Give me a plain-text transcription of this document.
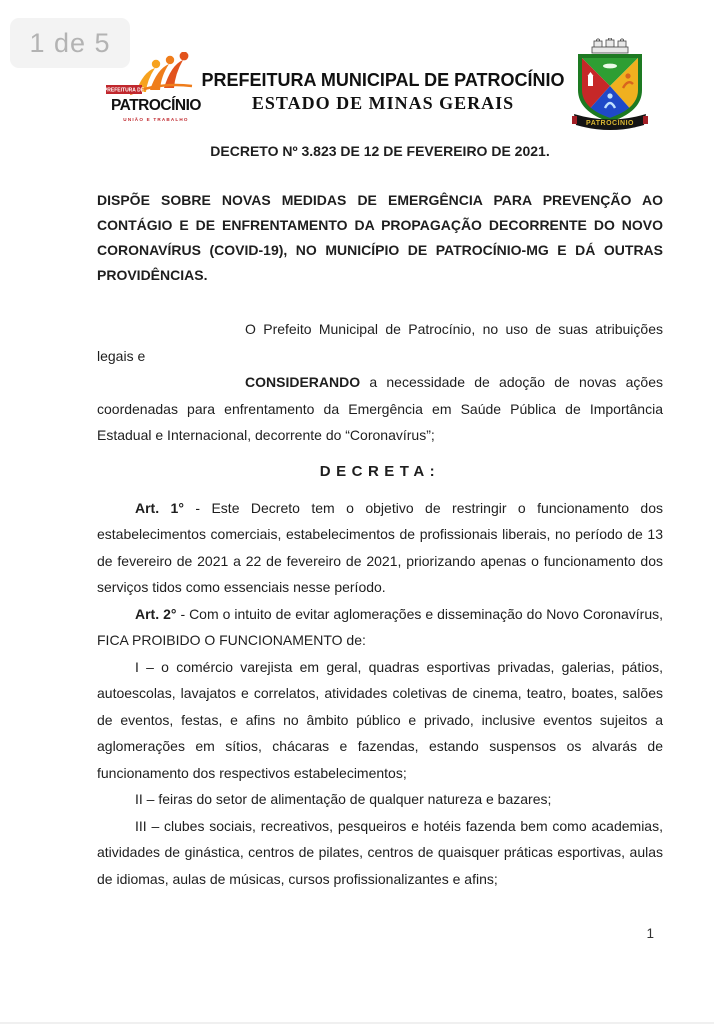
1 de 5
PREFEITURA DE
PATROCÍNIO
UNIÃO E TRABALHO
PREFEITURA MUNICIPAL DE PATROCÍNIO
ESTADO DE MINAS GERAIS
PATROCÍNIO

DECRETO Nº 3.823 DE 12 DE FEVEREIRO DE 2021.

DISPÕE SOBRE NOVAS MEDIDAS DE EMERGÊNCIA PARA PREVENÇÃO AO CONTÁGIO E DE ENFRENTAMENTO DA PROPAGAÇÃO DECORRENTE DO NOVO CORONAVÍRUS (COVID-19), NO MUNICÍPIO DE PATROCÍNIO-MG E DÁ OUTRAS PROVIDÊNCIAS.

O Prefeito Municipal de Patrocínio, no uso de suas atribuições legais e

CONSIDERANDO a necessidade de adoção de novas ações coordenadas para enfrentamento da Emergência em Saúde Pública de Importância Estadual e Internacional, decorrente do “Coronavírus”;

DECRETA:

Art. 1° - Este Decreto tem o objetivo de restringir o funcionamento dos estabelecimentos comerciais, estabelecimentos de profissionais liberais, no período de 13 de fevereiro de 2021 a 22 de fevereiro de 2021, priorizando apenas o funcionamento dos serviços tidos como essenciais nesse período.

Art. 2° - Com o intuito de evitar aglomerações e disseminação do Novo Coronavírus, FICA PROIBIDO O FUNCIONAMENTO de:

I – o comércio varejista em geral, quadras esportivas privadas, galerias, pátios, autoescolas, lavajatos e correlatos, atividades coletivas de cinema, teatro, boates, salões de eventos, festas, e afins no âmbito público e privado, inclusive eventos sujeitos a aglomerações em sítios, chácaras e fazendas, estando suspensos os alvarás de funcionamento dos respectivos estabelecimentos;

II – feiras do setor de alimentação de qualquer natureza e bazares;

III – clubes sociais, recreativos, pesqueiros e hotéis fazenda bem como academias, atividades de ginástica, centros de pilates, centros de quaisquer práticas esportivas, aulas de idiomas, aulas de músicas, cursos profissionalizantes e afins;

1
